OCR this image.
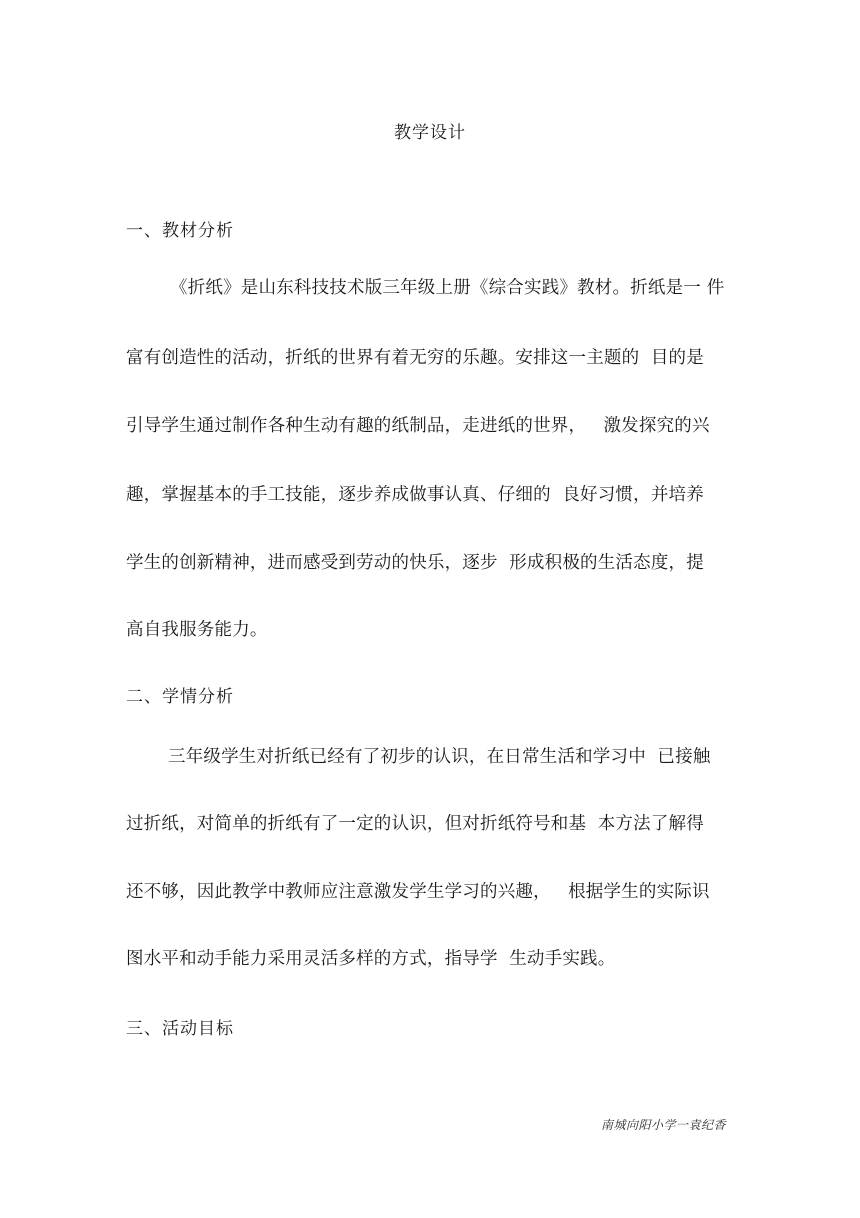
教学设计
一、教材分析
《折纸》是山东科技技术版三年级上册《综合实践》教材。折纸是一 件
富有创造性的活动，折纸的世界有着无穷的乐趣。安排这一主题的  目的是
引导学生通过制作各种生动有趣的纸制品，走进纸的世界，   激发探究的兴
趣，掌握基本的手工技能，逐步养成做事认真、仔细的  良好习惯，并培养
学生的创新精神，进而感受到劳动的快乐，逐步  形成积极的生活态度，提
高自我服务能力。
二、学情分析
三年级学生对折纸已经有了初步的认识，在日常生活和学习中  已接触
过折纸，对简单的折纸有了一定的认识，但对折纸符号和基  本方法了解得
还不够，因此教学中教师应注意激发学生学习的兴趣，   根据学生的实际识
图水平和动手能力采用灵活多样的方式，指导学  生动手实践。
三、活动目标
南城向阳小学一袁纪香
